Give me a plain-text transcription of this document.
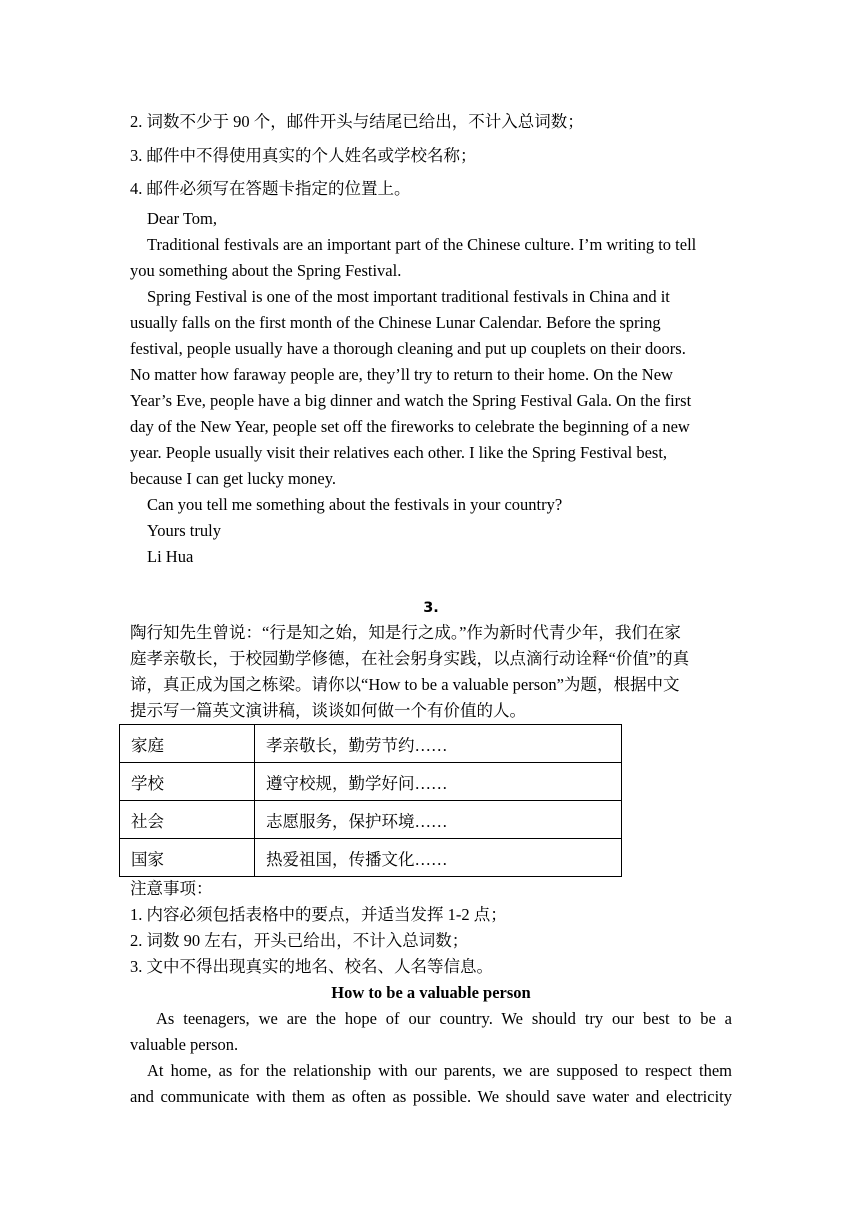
2. 词数不少于 90 个，邮件开头与结尾已给出，不计入总词数；
3. 邮件中不得使用真实的个人姓名或学校名称；
4. 邮件必须写在答题卡指定的位置上。
Dear Tom,
Traditional festivals are an important part of the Chinese culture. I’m writing to tell
you something about the Spring Festival.
Spring Festival is one of the most important traditional festivals in China and it
usually falls on the first month of the Chinese Lunar Calendar. Before the spring
festival, people usually have a thorough cleaning and put up couplets on their doors.
No matter how faraway people are, they’ll try to return to their home. On the New
Year’s Eve, people have a big dinner and watch the Spring Festival Gala. On the first
day of the New Year, people set off the fireworks to celebrate the beginning of a new
year. People usually visit their relatives each other. I like the Spring Festival best,
because I can get lucky money.
Can you tell me something about the festivals in your country?
Yours truly
Li Hua
3.
陶行知先生曾说：“行是知之始，知是行之成。”作为新时代青少年，我们在家
庭孝亲敬长，于校园勤学修德，在社会躬身实践，以点滴行动诠释“价值”的真
谛，真正成为国之栋梁。请你以“How to be a valuable person”为题，根据中文
提示写一篇英文演讲稿，谈谈如何做一个有价值的人。
家庭	孝亲敬长，勤劳节约……
学校	遵守校规，勤学好问……
社会	志愿服务，保护环境……
国家	热爱祖国，传播文化……
注意事项：
1. 内容必须包括表格中的要点，并适当发挥 1-2 点；
2. 词数 90 左右，开头已给出，不计入总词数；
3. 文中不得出现真实的地名、校名、人名等信息。
How to be a valuable person
As teenagers, we are the hope of our country. We should try our best to be a
valuable person.
At home, as for the relationship with our parents, we are supposed to respect them
and communicate with them as often as possible. We should save water and electricity
